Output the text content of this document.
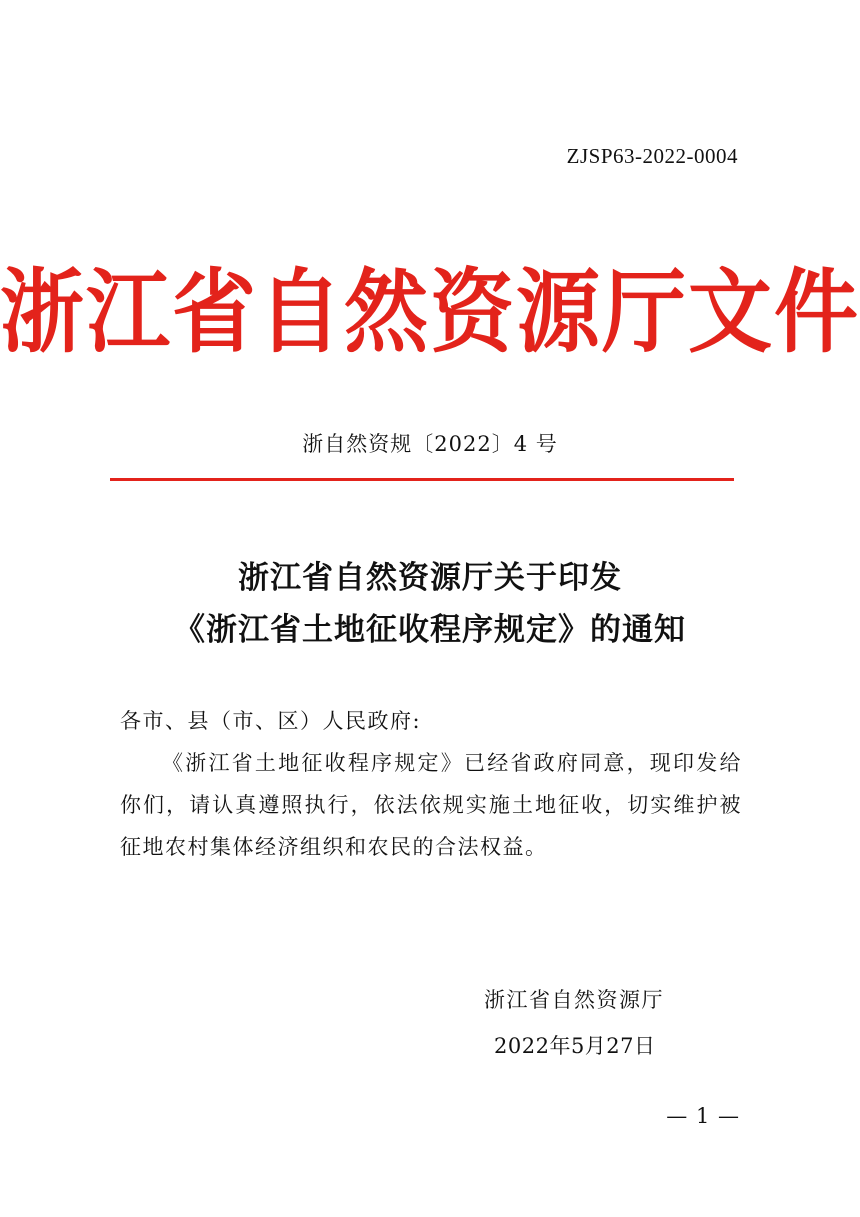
ZJSP63-2022-0004
浙江省自然资源厅文件
浙自然资规〔2022〕4 号
浙江省自然资源厅关于印发
《浙江省土地征收程序规定》的通知
各市、县（市、区）人民政府:
《浙江省土地征收程序规定》已经省政府同意，现印发给你们，请认真遵照执行，依法依规实施土地征收，切实维护被征地农村集体经济组织和农民的合法权益。
浙江省自然资源厅
2022年5月27日
— 1 —
